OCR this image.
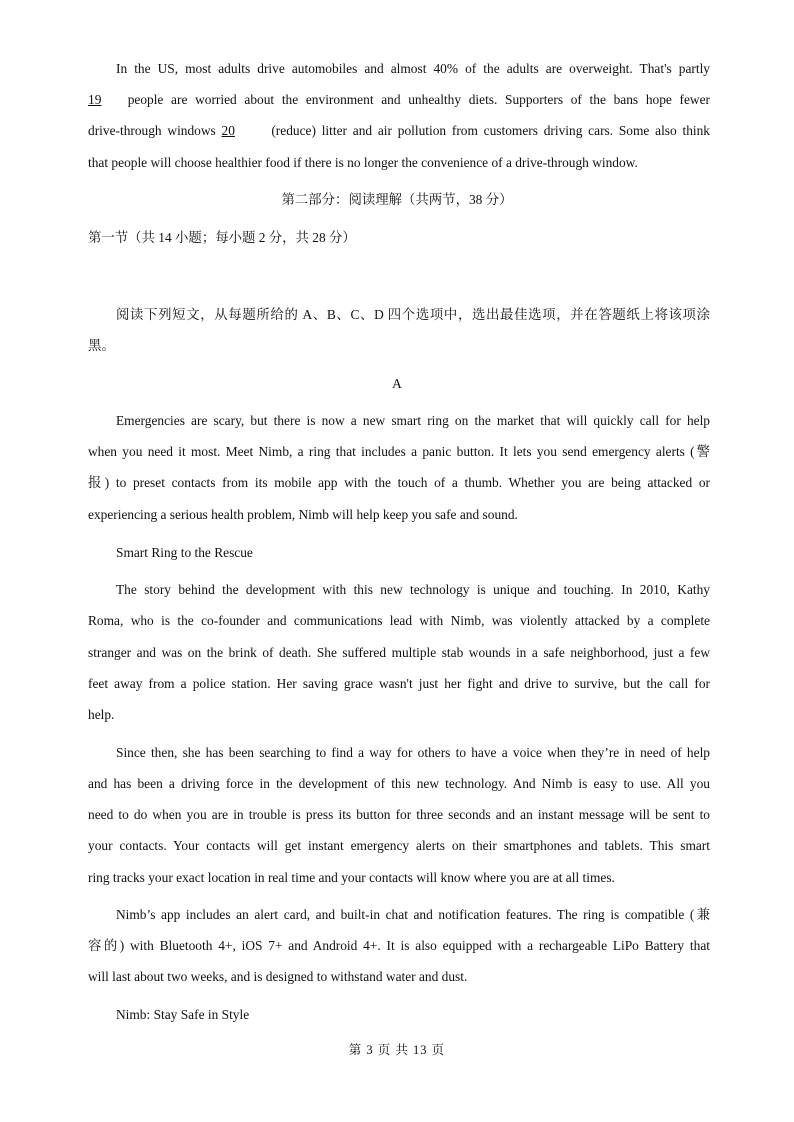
In the US, most adults drive automobiles and almost 40% of the adults are overweight. That's partly
19 people are worried about the environment and unhealthy diets. Supporters of the bans hope fewer
drive-through windows 20	(reduce) litter and air pollution from customers driving cars. Some also think
that people will choose healthier food if there is no longer the convenience of a drive-through window.
第二部分：阅读理解（共两节，38 分）
第一节（共 14 小题；每小题 2 分，共 28 分）
阅读下列短文，从每题所给的 A、B、C、D 四个选项中，选出最佳选项，并在答题纸上将该项涂
黑。
A
Emergencies are scary, but there is now a new smart ring on the market that will quickly call for help
when you need it most. Meet Nimb, a ring that includes a panic button. It lets you send emergency alerts (警
报) to preset contacts from its mobile app with the touch of a thumb. Whether you are being attacked or
experiencing a serious health problem, Nimb will help keep you safe and sound.
Smart Ring to the Rescue
The story behind the development with this new technology is unique and touching. In 2010, Kathy
Roma, who is the co-founder and communications lead with Nimb, was violently attacked by a complete
stranger and was on the brink of death. She suffered multiple stab wounds in a safe neighborhood, just a few
feet away from a police station. Her saving grace wasn't just her fight and drive to survive, but the call for
help.
Since then, she has been searching to find a way for others to have a voice when they’re in need of help
and has been a driving force in the development of this new technology. And Nimb is easy to use. All you
need to do when you are in trouble is press its button for three seconds and an instant message will be sent to
your contacts. Your contacts will get instant emergency alerts on their smartphones and tablets. This smart
ring tracks your exact location in real time and your contacts will know where you are at all times.
Nimb’s app includes an alert card, and built-in chat and notification features. The ring is compatible (兼
容的) with Bluetooth 4+, iOS 7+ and Android 4+. It is also equipped with a rechargeable LiPo Battery that
will last about two weeks, and is designed to withstand water and dust.
Nimb: Stay Safe in Style
第 3 页 共 13 页
